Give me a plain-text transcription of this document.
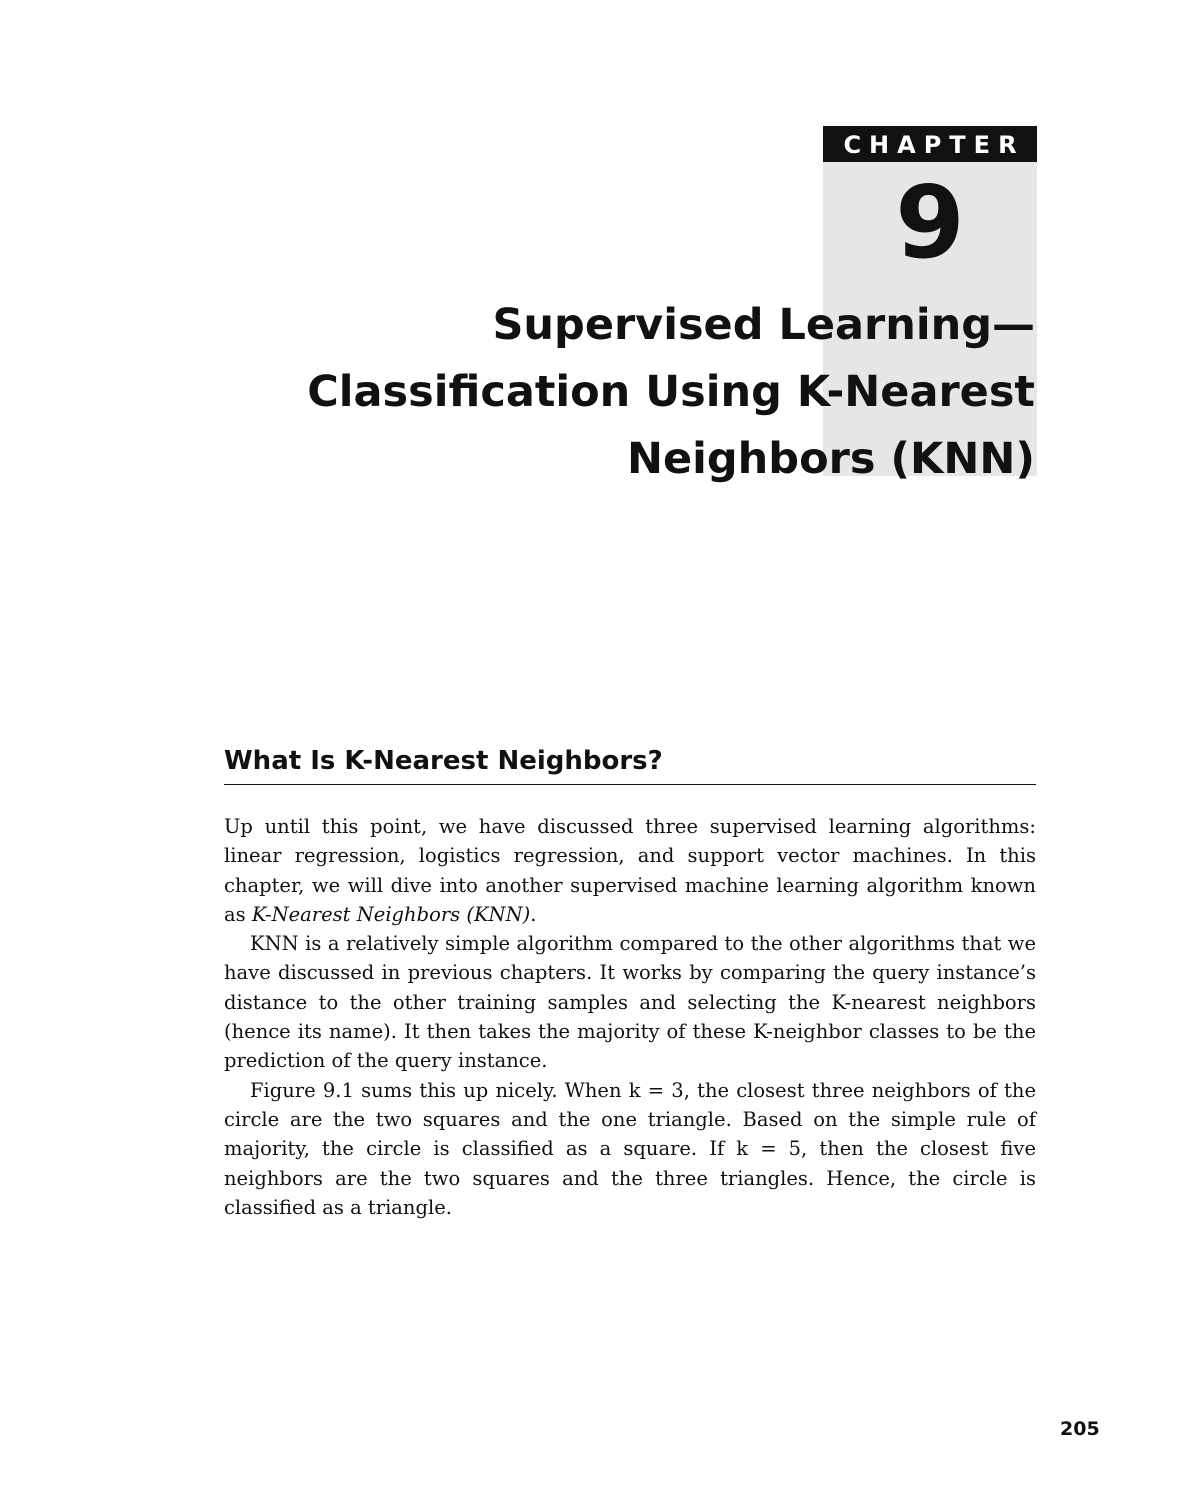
CHAPTER
9
Supervised Learning—
Classification Using K-Nearest
Neighbors (KNN)
What Is K-Nearest Neighbors?

Up until this point, we have discussed three supervised learning algorithms: linear regression, logistics regression, and support vector machines. In this chapter, we will dive into another supervised machine learning algorithm known as K-Nearest Neighbors (KNN).

KNN is a relatively simple algorithm compared to the other algorithms that we have discussed in previous chapters. It works by comparing the query instance’s distance to the other training samples and selecting the K-nearest neighbors (hence its name). It then takes the majority of these K-neighbor classes to be the prediction of the query instance.

Figure 9.1 sums this up nicely. When k = 3, the closest three neighbors of the circle are the two squares and the one triangle. Based on the simple rule of majority, the circle is classified as a square. If k = 5, then the closest five neighbors are the two squares and the three triangles. Hence, the circle is classified as a triangle.

205
